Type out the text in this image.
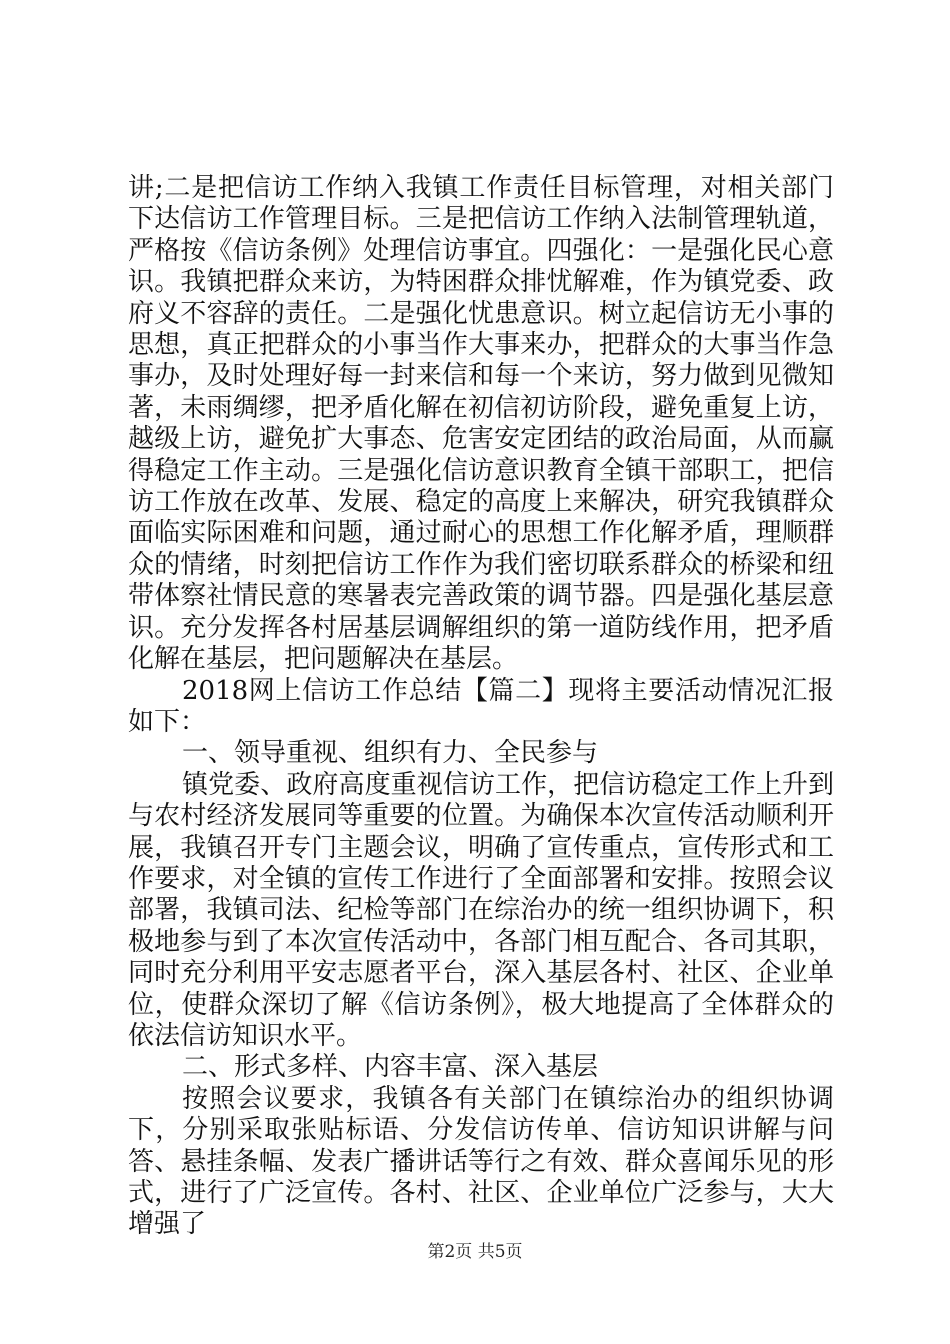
讲;二是把信访工作纳入我镇工作责任目标管理，对相关部门下达信访工作管理目标。三是把信访工作纳入法制管理轨道，严格按《信访条例》处理信访事宜。四强化：一是强化民心意识。我镇把群众来访，为特困群众排忧解难，作为镇党委、政府义不容辞的责任。二是强化忧患意识。树立起信访无小事的思想，真正把群众的小事当作大事来办，把群众的大事当作急事办，及时处理好每一封来信和每一个来访，努力做到见微知著，未雨绸缪，把矛盾化解在初信初访阶段，避免重复上访，越级上访，避免扩大事态、危害安定团结的政治局面，从而赢得稳定工作主动。三是强化信访意识教育全镇干部职工，把信访工作放在改革、发展、稳定的高度上来解决，研究我镇群众面临实际困难和问题，通过耐心的思想工作化解矛盾，理顺群众的情绪，时刻把信访工作作为我们密切联系群众的桥梁和纽带体察社情民意的寒暑表完善政策的调节器。四是强化基层意识。充分发挥各村居基层调解组织的第一道防线作用，把矛盾化解在基层，把问题解决在基层。

2018网上信访工作总结【篇二】现将主要活动情况汇报如下：

一、领导重视、组织有力、全民参与

镇党委、政府高度重视信访工作，把信访稳定工作上升到与农村经济发展同等重要的位置。为确保本次宣传活动顺利开展，我镇召开专门主题会议，明确了宣传重点，宣传形式和工作要求，对全镇的宣传工作进行了全面部署和安排。按照会议部署，我镇司法、纪检等部门在综治办的统一组织协调下，积极地参与到了本次宣传活动中，各部门相互配合、各司其职，同时充分利用平安志愿者平台，深入基层各村、社区、企业单位，使群众深切了解《信访条例》，极大地提高了全体群众的依法信访知识水平。

二、形式多样、内容丰富、深入基层

按照会议要求，我镇各有关部门在镇综治办的组织协调下，分别采取张贴标语、分发信访传单、信访知识讲解与问答、悬挂条幅、发表广播讲话等行之有效、群众喜闻乐见的形式，进行了广泛宣传。各村、社区、企业单位广泛参与，大大增强了

第2页 共5页
